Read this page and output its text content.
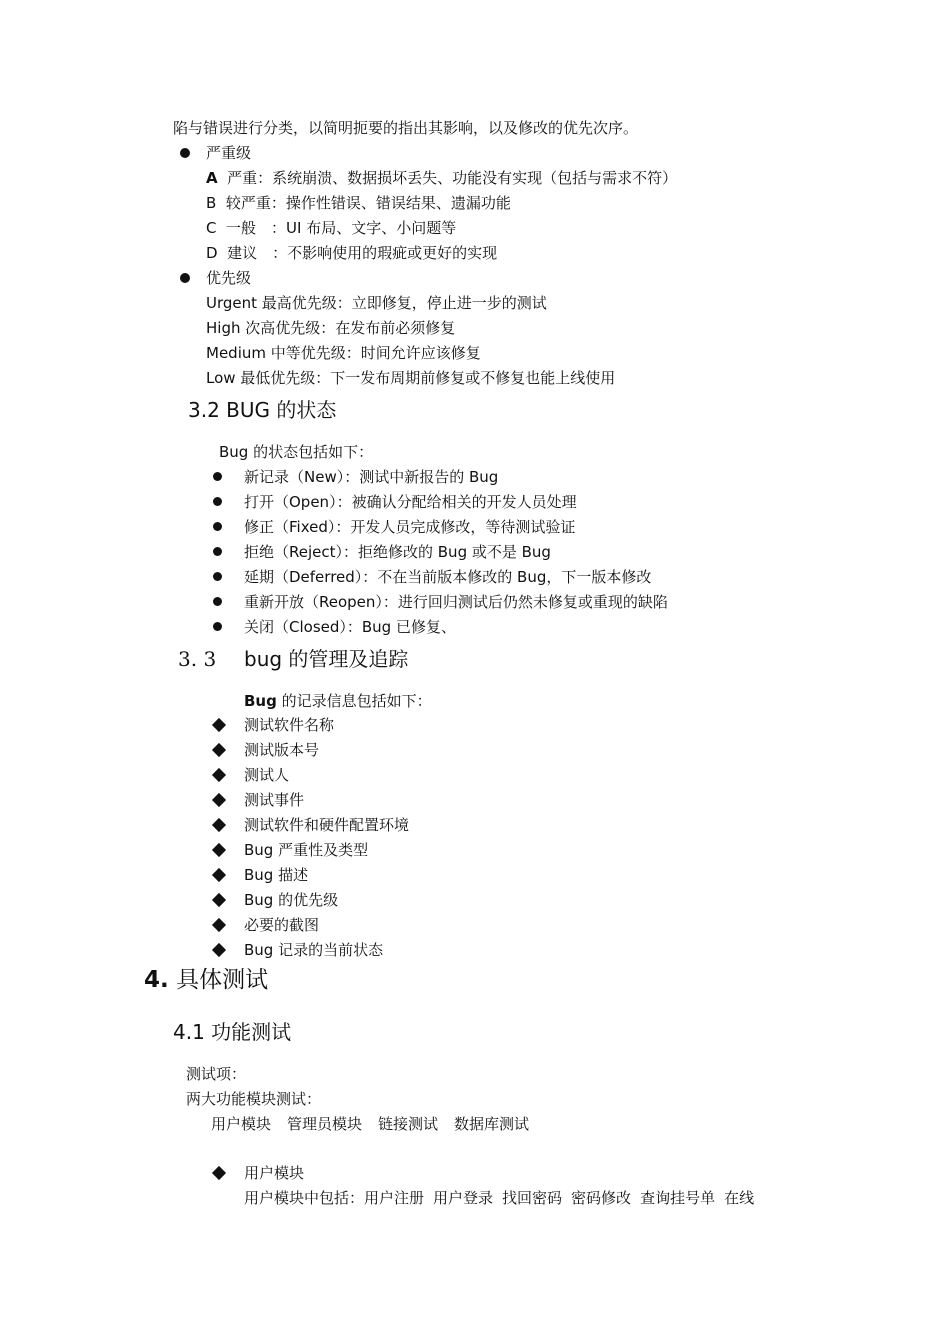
陷与错误进行分类，以简明扼要的指出其影响，以及修改的优先次序。
严重级
A 严重：系统崩溃、数据损坏丢失、功能没有实现（包括与需求不符）
B 较严重：操作性错误、错误结果、遗漏功能
C 一般　：UI 布局、文字、小问题等
D 建议　：不影响使用的瑕疵或更好的实现
优先级
Urgent 最高优先级：立即修复，停止进一步的测试
High 次高优先级：在发布前必须修复
Medium 中等优先级：时间允许应该修复
Low 最低优先级：下一发布周期前修复或不修复也能上线使用
3.2 BUG 的状态
Bug 的状态包括如下：
新记录（New）：测试中新报告的 Bug
打开（Open）：被确认分配给相关的开发人员处理
修正（Fixed）：开发人员完成修改，等待测试验证
拒绝（Reject）：拒绝修改的 Bug 或不是 Bug
延期（Deferred）：不在当前版本修改的 Bug，下一版本修改
重新开放（Reopen）：进行回归测试后仍然未修复或重现的缺陷
关闭（Closed）：Bug 已修复、
3. 3 bug 的管理及追踪
Bug 的记录信息包括如下：
测试软件名称
测试版本号
测试人
测试事件
测试软件和硬件配置环境
Bug 严重性及类型
Bug 描述
Bug 的优先级
必要的截图
Bug 记录的当前状态
4. 具体测试
4.1 功能测试
测试项：
两大功能模块测试：
用户模块 管理员模块 链接测试 数据库测试
用户模块
用户模块中包括：用户注册 用户登录 找回密码 密码修改 查询挂号单 在线
